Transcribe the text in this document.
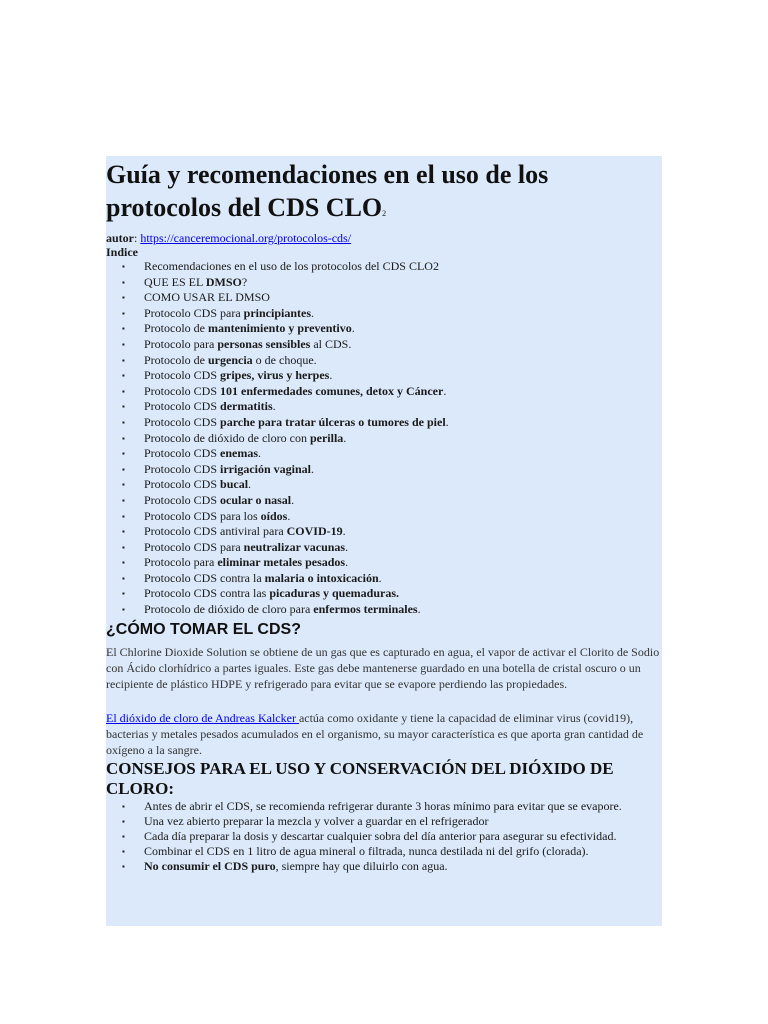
Guía y recomendaciones en el uso de los protocolos del CDS CLO2
autor: https://canceremocional.org/protocolos-cds/
Indice
▪ Recomendaciones en el uso de los protocolos del CDS CLO2
▪ QUE ES EL DMSO?
▪ COMO USAR EL DMSO
▪ Protocolo CDS para principiantes.
▪ Protocolo de mantenimiento y preventivo.
▪ Protocolo para personas sensibles al CDS.
▪ Protocolo de urgencia o de choque.
▪ Protocolo CDS gripes, virus y herpes.
▪ Protocolo CDS 101 enfermedades comunes, detox y Cáncer.
▪ Protocolo CDS dermatitis.
▪ Protocolo CDS parche para tratar úlceras o tumores de piel.
▪ Protocolo de dióxido de cloro con perilla.
▪ Protocolo CDS enemas.
▪ Protocolo CDS irrigación vaginal.
▪ Protocolo CDS bucal.
▪ Protocolo CDS ocular o nasal.
▪ Protocolo CDS para los oídos.
▪ Protocolo CDS antiviral para COVID-19.
▪ Protocolo CDS para neutralizar vacunas.
▪ Protocolo para eliminar metales pesados.
▪ Protocolo CDS contra la malaria o intoxicación.
▪ Protocolo CDS contra las picaduras y quemaduras.
▪ Protocolo de dióxido de cloro para enfermos terminales.
¿CÓMO TOMAR EL CDS?

El Chlorine Dioxide Solution se obtiene de un gas que es capturado en agua, el vapor de activar el Clorito de Sodio con Ácido clorhídrico a partes iguales. Este gas debe mantenerse guardado en una botella de cristal oscuro o un recipiente de plástico HDPE y refrigerado para evitar que se evapore perdiendo las propiedades.

El dióxido de cloro de Andreas Kalcker actúa como oxidante y tiene la capacidad de eliminar virus (covid19), bacterias y metales pesados acumulados en el organismo, su mayor característica es que aporta gran cantidad de oxígeno a la sangre.

CONSEJOS PARA EL USO Y CONSERVACIÓN DEL DIÓXIDO DE CLORO:
▪ Antes de abrir el CDS, se recomienda refrigerar durante 3 horas mínimo para evitar que se evapore.
▪ Una vez abierto preparar la mezcla y volver a guardar en el refrigerador
▪ Cada día preparar la dosis y descartar cualquier sobra del día anterior para asegurar su efectividad.
▪ Combinar el CDS en 1 litro de agua mineral o filtrada, nunca destilada ni del grifo (clorada).
▪ No consumir el CDS puro, siempre hay que diluirlo con agua.
